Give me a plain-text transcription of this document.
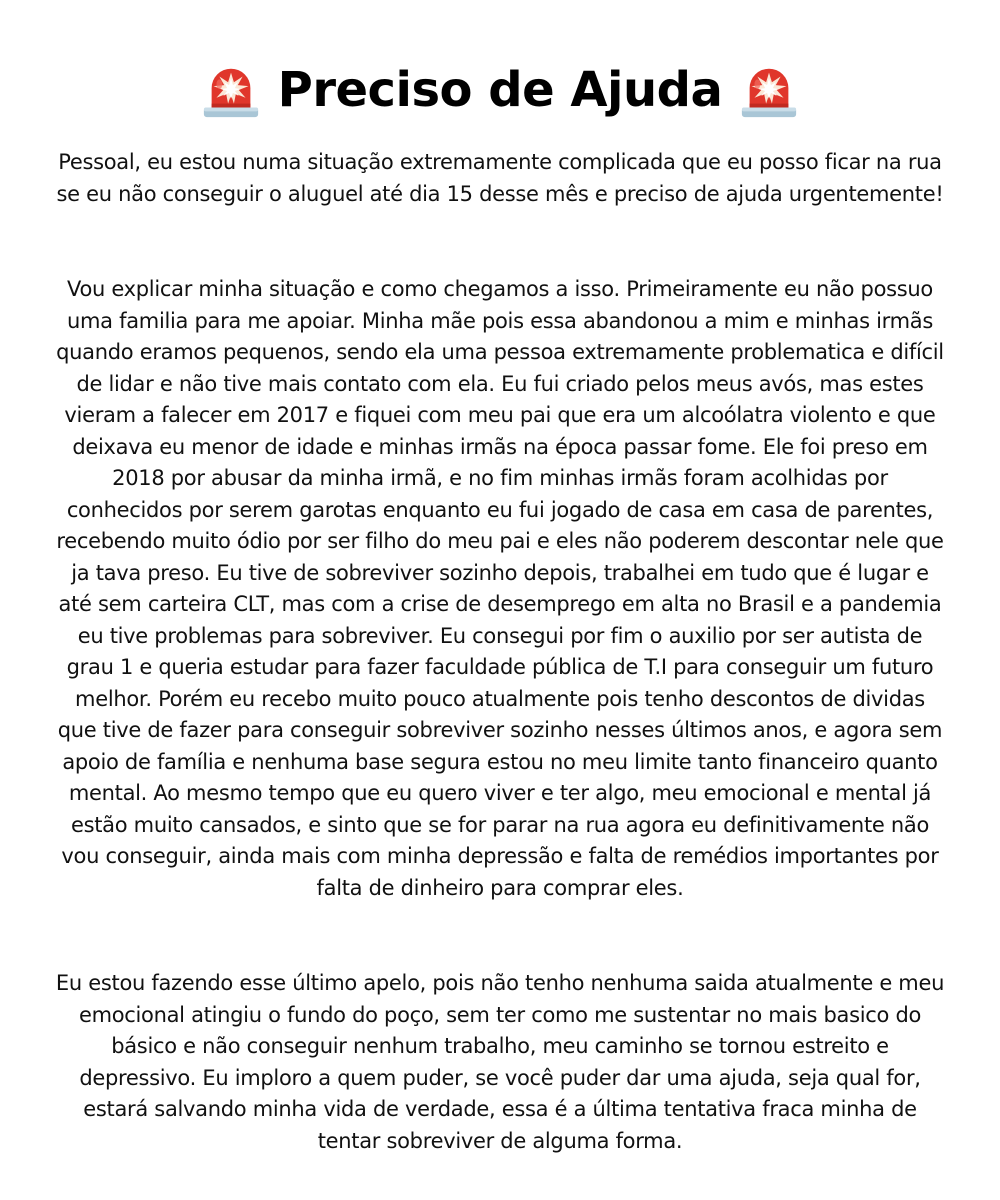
Preciso de Ajuda

Pessoal, eu estou numa situação extremamente complicada que eu posso ficar na rua se eu não conseguir o aluguel até dia 15 desse mês e preciso de ajuda urgentemente!

Vou explicar minha situação e como chegamos a isso. Primeiramente eu não possuo uma familia para me apoiar. Minha mãe pois essa abandonou a mim e minhas irmãs quando eramos pequenos, sendo ela uma pessoa extremamente problematica e difícil de lidar e não tive mais contato com ela. Eu fui criado pelos meus avós, mas estes vieram a falecer em 2017 e fiquei com meu pai que era um alcoólatra violento e que deixava eu menor de idade e minhas irmãs na época passar fome. Ele foi preso em 2018 por abusar da minha irmã, e no fim minhas irmãs foram acolhidas por conhecidos por serem garotas enquanto eu fui jogado de casa em casa de parentes, recebendo muito ódio por ser filho do meu pai e eles não poderem descontar nele que ja tava preso. Eu tive de sobreviver sozinho depois, trabalhei em tudo que é lugar e até sem carteira CLT, mas com a crise de desemprego em alta no Brasil e a pandemia eu tive problemas para sobreviver. Eu consegui por fim o auxilio por ser autista de grau 1 e queria estudar para fazer faculdade pública de T.I para conseguir um futuro melhor. Porém eu recebo muito pouco atualmente pois tenho descontos de dividas que tive de fazer para conseguir sobreviver sozinho nesses últimos anos, e agora sem apoio de família e nenhuma base segura estou no meu limite tanto financeiro quanto mental. Ao mesmo tempo que eu quero viver e ter algo, meu emocional e mental já estão muito cansados, e sinto que se for parar na rua agora eu definitivamente não vou conseguir, ainda mais com minha depressão e falta de remédios importantes por falta de dinheiro para comprar eles.

Eu estou fazendo esse último apelo, pois não tenho nenhuma saida atualmente e meu emocional atingiu o fundo do poço, sem ter como me sustentar no mais basico do básico e não conseguir nenhum trabalho, meu caminho se tornou estreito e depressivo. Eu imploro a quem puder, se você puder dar uma ajuda, seja qual for, estará salvando minha vida de verdade, essa é a última tentativa fraca minha de tentar sobreviver de alguma forma.
